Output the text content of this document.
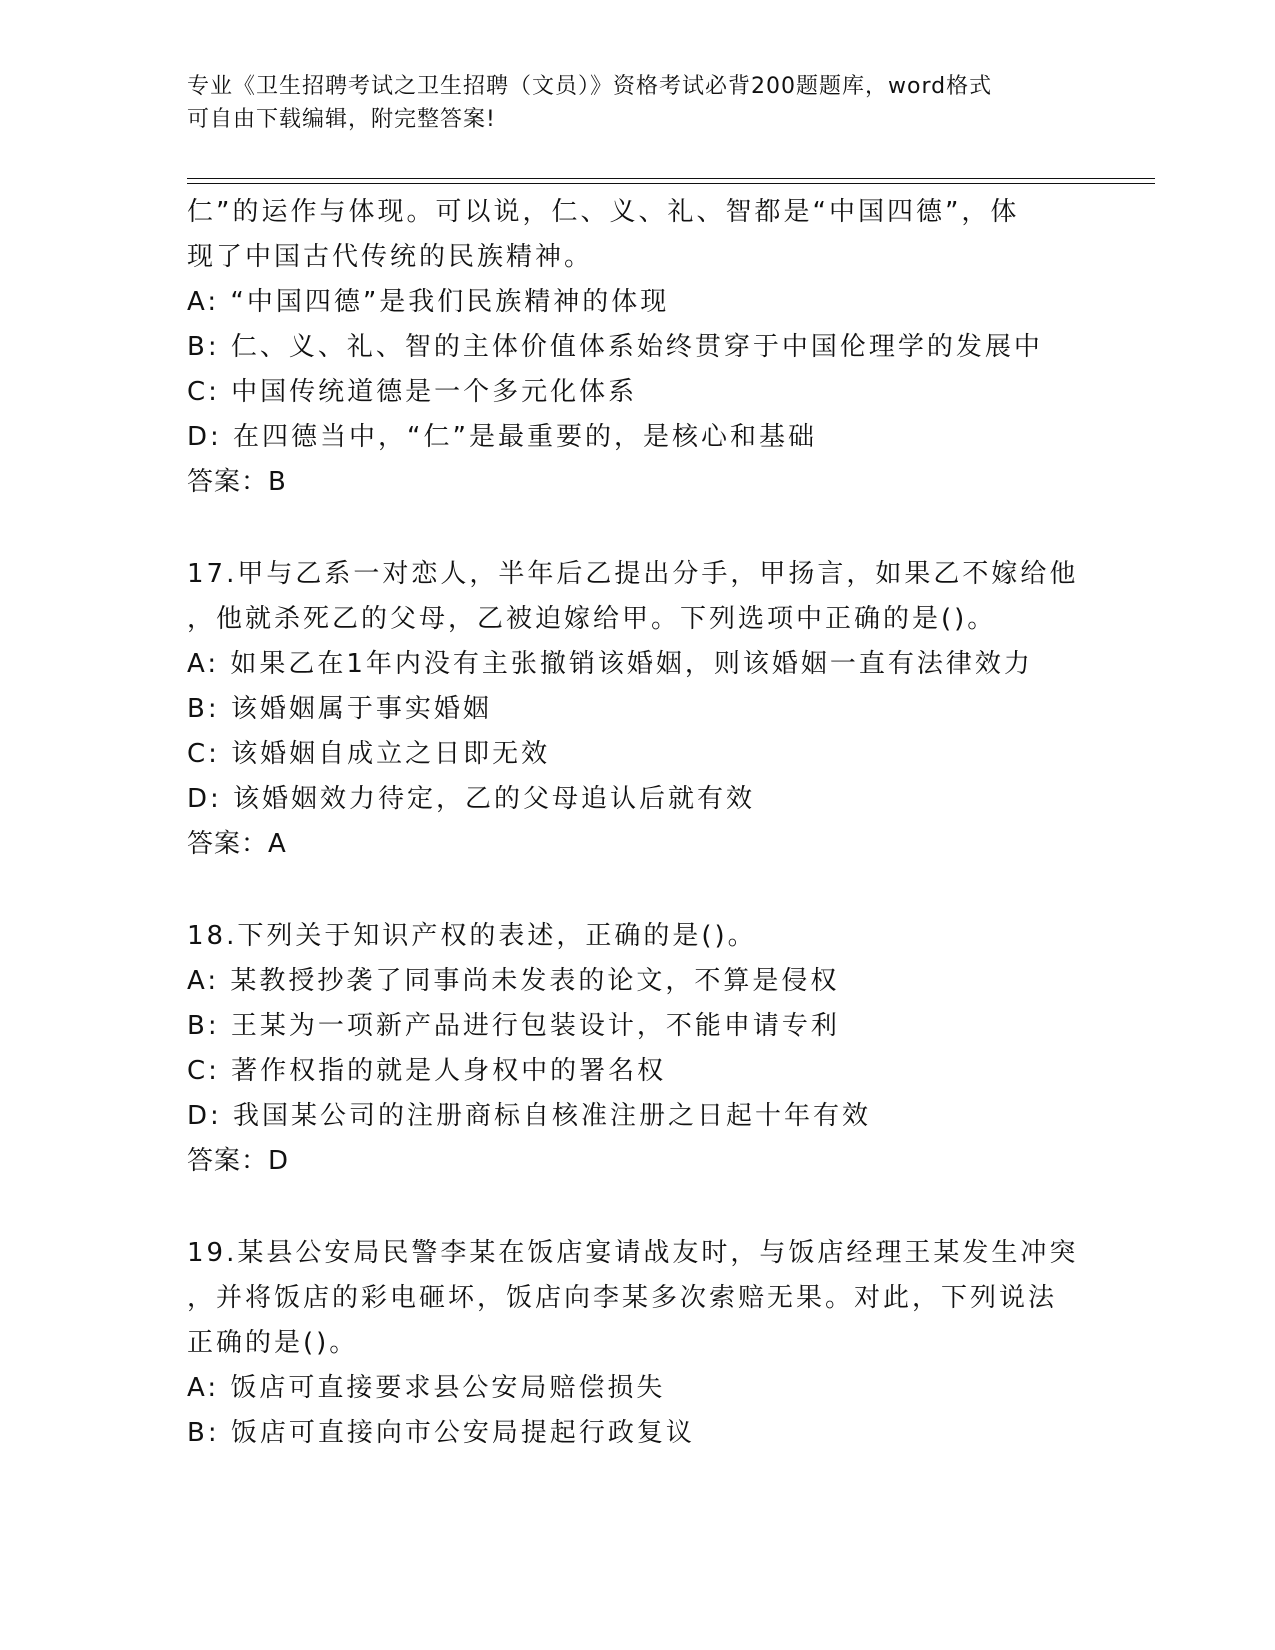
专业《卫生招聘考试之卫生招聘（文员）》资格考试必背200题题库，word格式
可自由下载编辑，附完整答案!
仁”的运作与体现。可以说，仁、义、礼、智都是“中国四德”，体
现了中国古代传统的民族精神。
A: “中国四德”是我们民族精神的体现
B: 仁、义、礼、智的主体价值体系始终贯穿于中国伦理学的发展中
C: 中国传统道德是一个多元化体系
D: 在四德当中，“仁”是最重要的，是核心和基础
答案：B
17.甲与乙系一对恋人，半年后乙提出分手，甲扬言，如果乙不嫁给他
，他就杀死乙的父母，乙被迫嫁给甲。下列选项中正确的是()。
A: 如果乙在1年内没有主张撤销该婚姻，则该婚姻一直有法律效力
B: 该婚姻属于事实婚姻
C: 该婚姻自成立之日即无效
D: 该婚姻效力待定，乙的父母追认后就有效
答案：A
18.下列关于知识产权的表述，正确的是()。
A: 某教授抄袭了同事尚未发表的论文，不算是侵权
B: 王某为一项新产品进行包装设计，不能申请专利
C: 著作权指的就是人身权中的署名权
D: 我国某公司的注册商标自核准注册之日起十年有效
答案：D
19.某县公安局民警李某在饭店宴请战友时，与饭店经理王某发生冲突
，并将饭店的彩电砸坏，饭店向李某多次索赔无果。对此，下列说法
正确的是()。
A: 饭店可直接要求县公安局赔偿损失
B: 饭店可直接向市公安局提起行政复议
